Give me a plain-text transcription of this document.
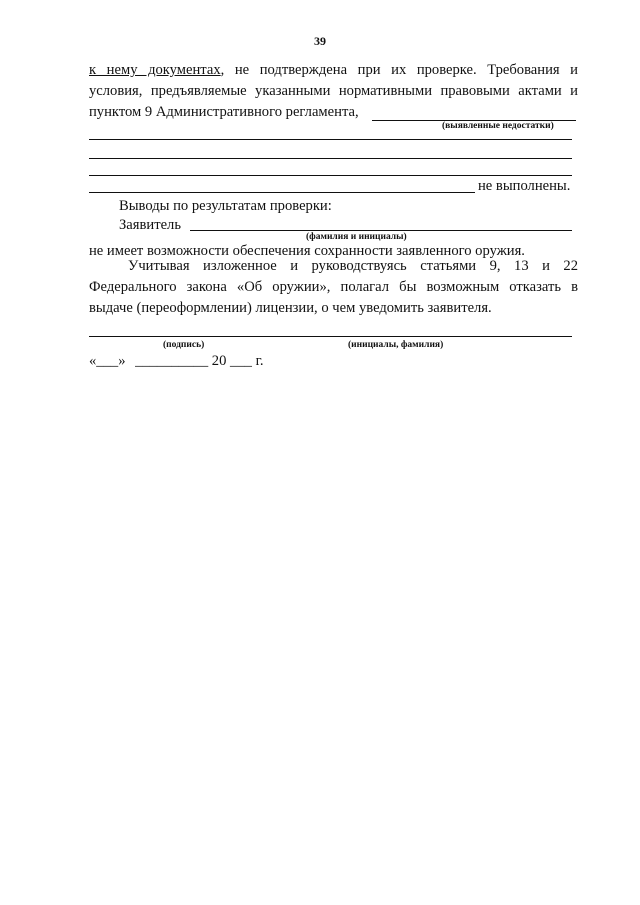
39
к нему документах, не подтверждена при их проверке. Требования и
условия, предъявляемые указанными нормативными правовыми актами и
пунктом 9 Административного регламента,
(выявленные недостатки)
не выполнены.
Выводы по результатам проверки:
Заявитель
(фамилия и инициалы)
не имеет возможности обеспечения сохранности заявленного оружия.
Учитывая изложенное и руководствуясь статьями 9, 13 и 22
Федерального закона «Об оружии», полагал бы возможным отказать в
выдаче (переоформлении) лицензии, о чем уведомить заявителя.
(подпись)	(инициалы, фамилия)
«___» __________ 20 ___ г.
